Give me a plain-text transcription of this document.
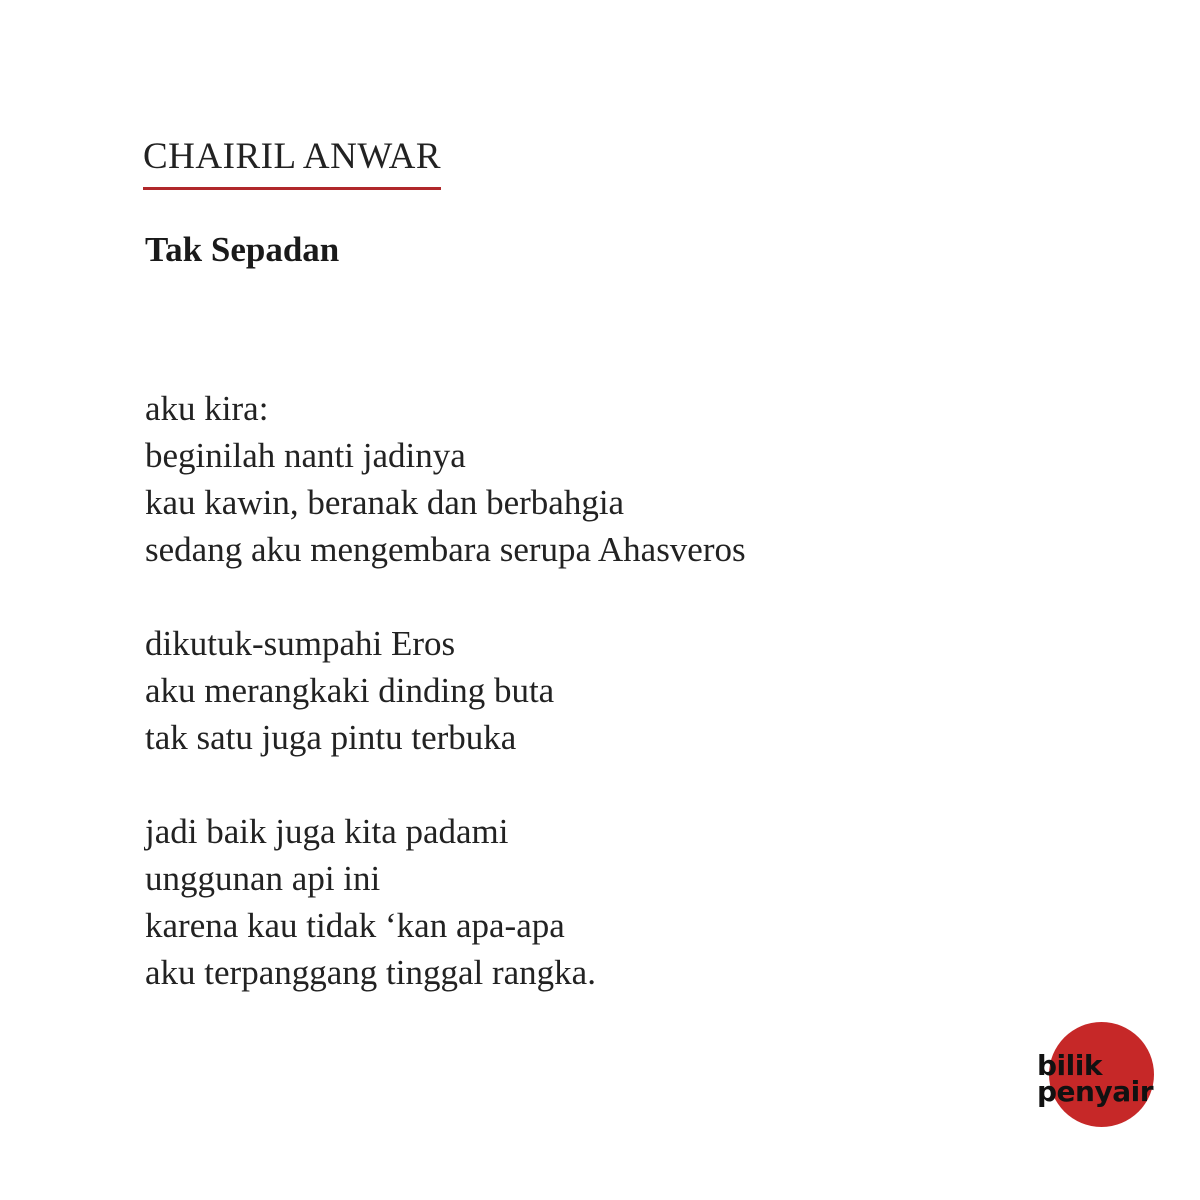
CHAIRIL ANWAR
Tak Sepadan
aku kira:
beginilah nanti jadinya
kau kawin, beranak dan berbahgia
sedang aku mengembara serupa Ahasveros
dikutuk-sumpahi Eros
aku merangkaki dinding buta
tak satu juga pintu terbuka
jadi baik juga kita padami
unggunan api ini
karena kau tidak ‘kan apa-apa
aku terpanggang tinggal rangka.
bilik
penyair
